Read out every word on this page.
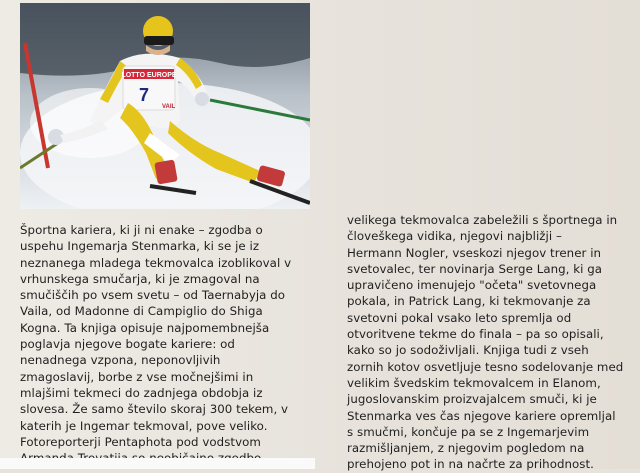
LOTTO EUROPE
7
VAIL

Športna kariera, ki ji ni enake – zgodba o

uspehu Ingemarja Stenmarka, ki se je iz

neznanega mladega tekmovalca izoblikoval v

vrhunskega smučarja, ki je zmagoval na

smučiščih po vsem svetu – od Taernabyja do

Vaila, od Madonne di Campiglio do Shiga

Kogna. Ta knjiga opisuje najpomembnejša

poglavja njegove bogate kariere: od

nenadnega vzpona, neponovljivih

zmagoslavij, borbe z vse močnejšimi in

mlajšimi tekmeci do zadnjega obdobja iz

slovesa. Že samo število skoraj 300 tekem, v

katerih je Ingemar tekmoval, pove veliko.

Fotoreporterji Pentaphota pod vodstvom

velikega tekmovalca zabeležili s športnega in

človeškega vidika, njegovi najbližji –

Hermann Nogler, vseskozi njegov trener in

svetovalec, ter novinarja Serge Lang, ki ga

upravičeno imenujejo "očeta" svetovnega

pokala, in Patrick Lang, ki tekmovanje za

svetovni pokal vsako leto spremlja od

otvoritvene tekme do finala – pa so opisali,

kako so jo sodoživljali. Knjiga tudi z vseh

zornih kotov osvetljuje tesno sodelovanje med

velikim švedskim tekmovalcem in Elanom,

jugoslovanskim proizvajalcem smuči, ki je

Stenmarka ves čas njegove kariere opremljal

s smučmi, končuje pa se z Ingemarjevim

razmišljanjem, z njegovim pogledom na

prehojeno pot in na načrte za prihodnost.
